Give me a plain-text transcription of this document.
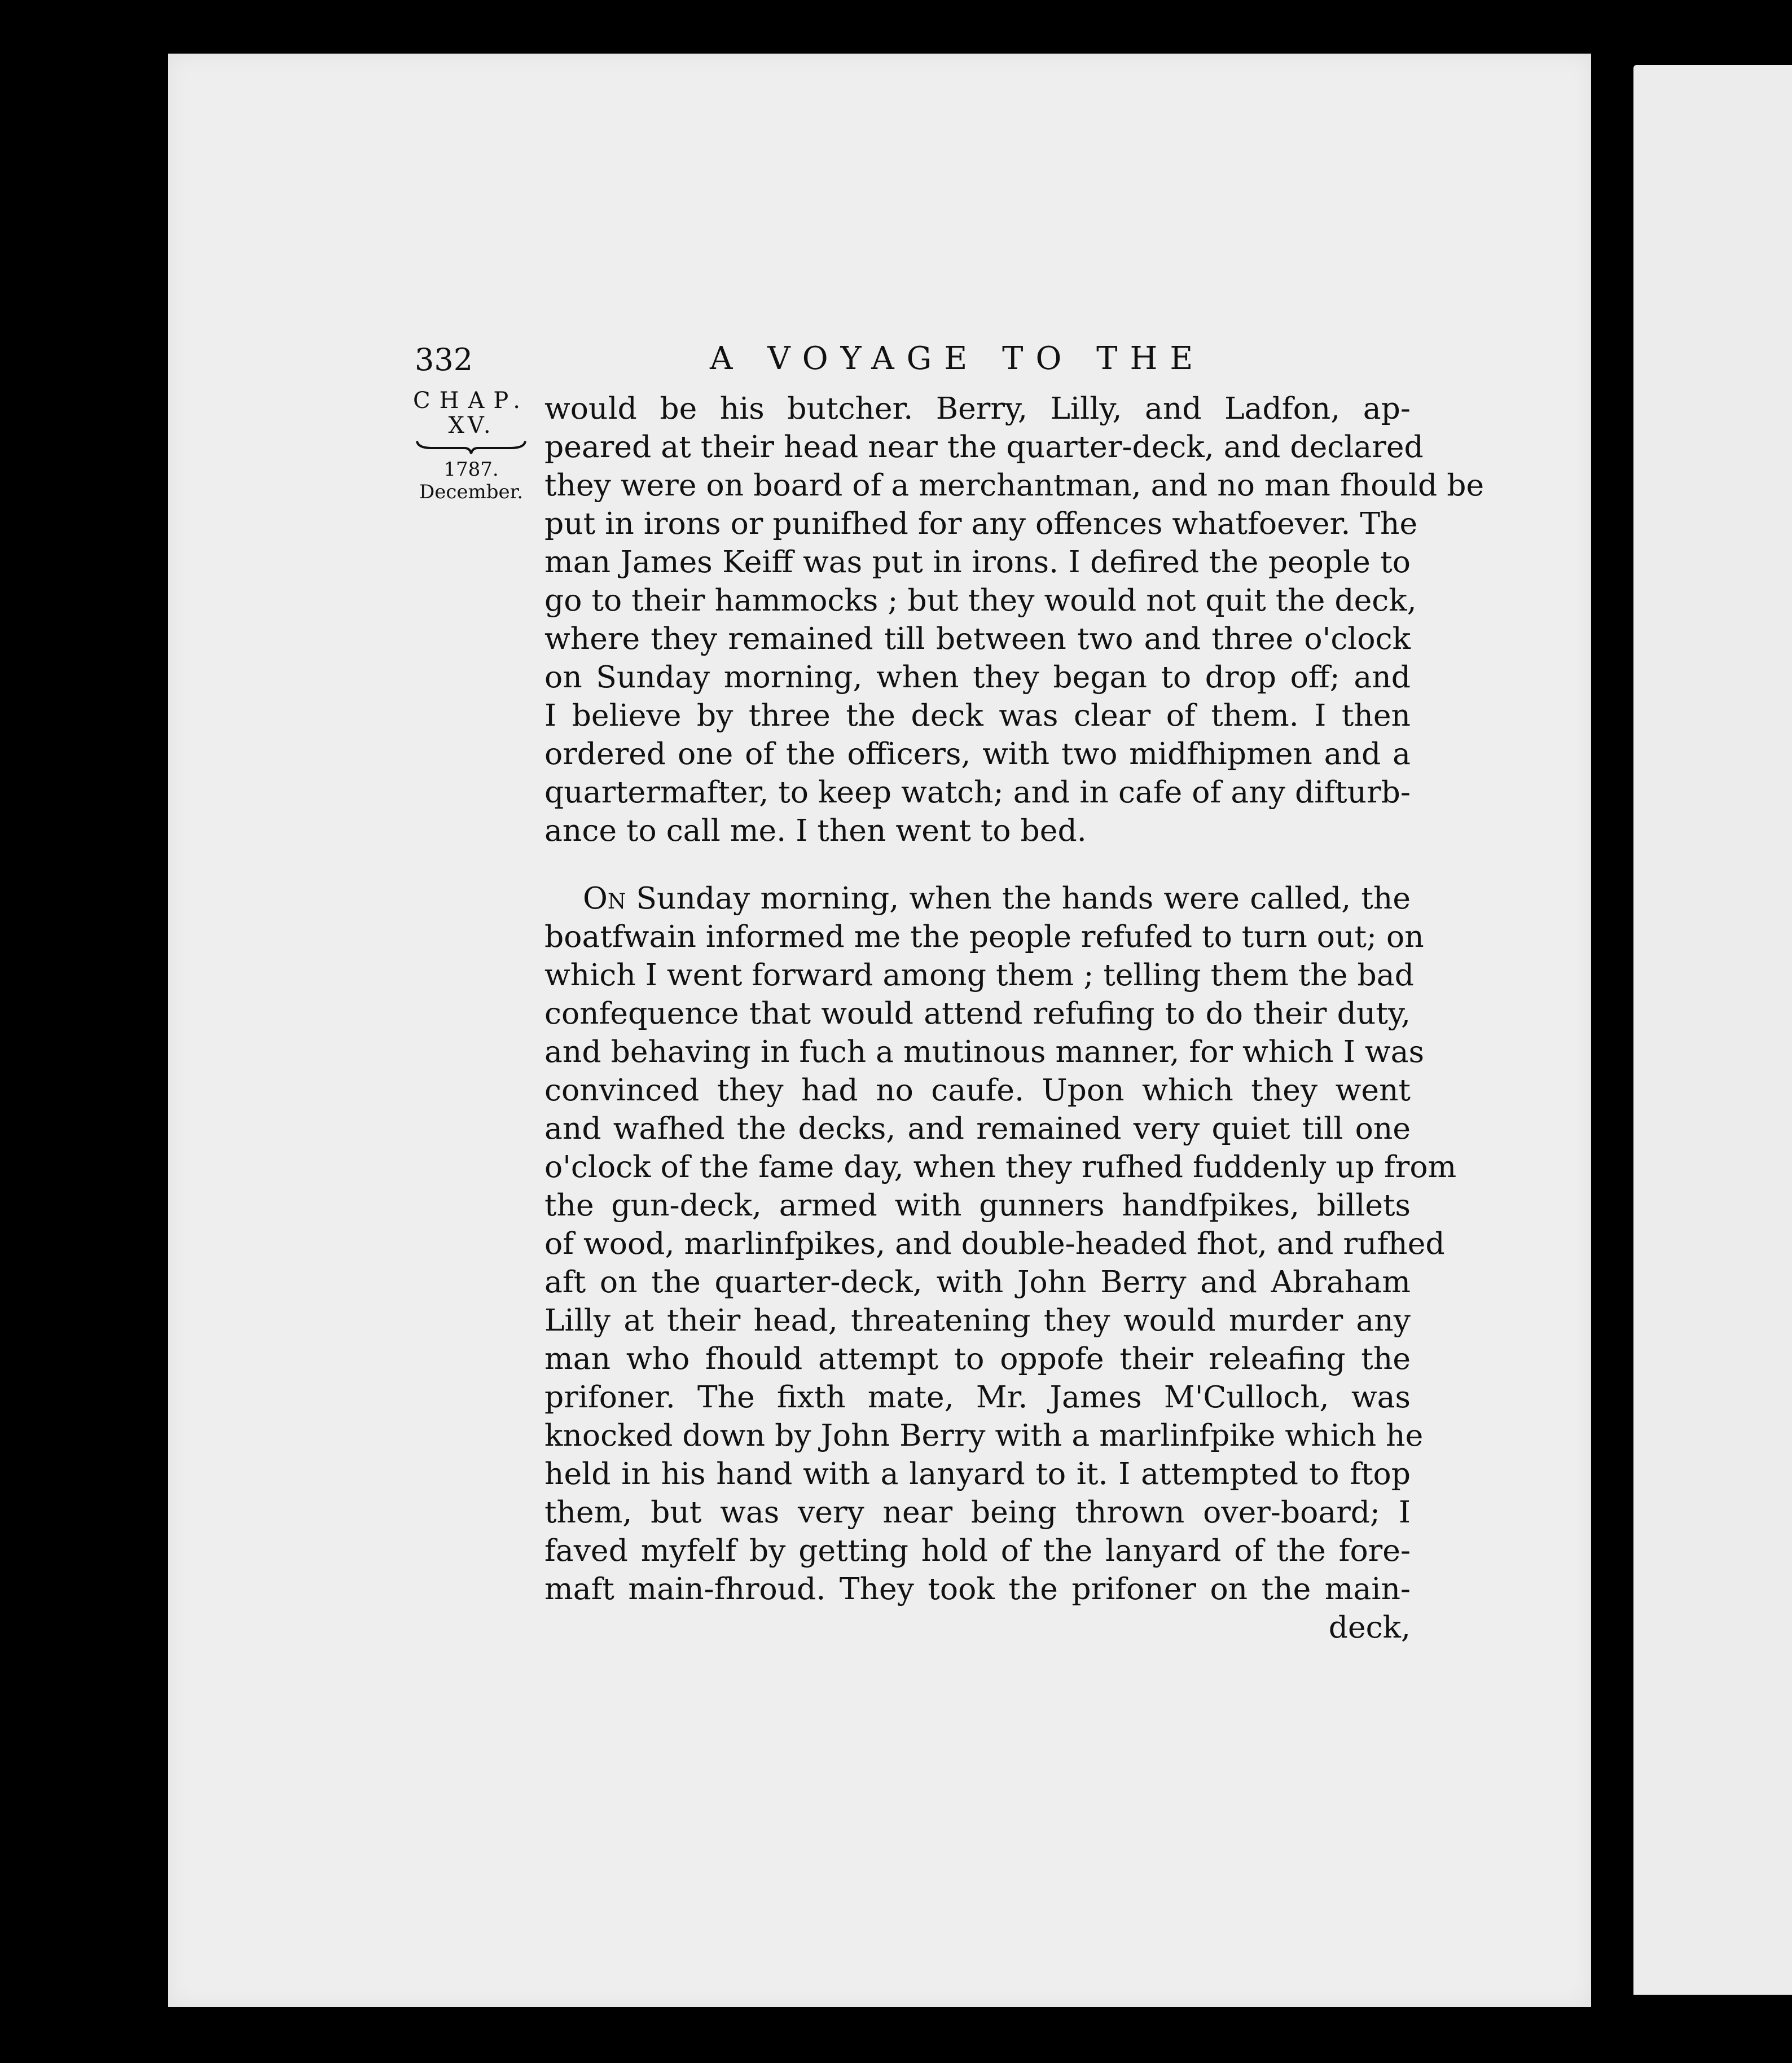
332	A VOYAGE TO THE
CHAP.
XV.
1787.
December.
would be his butcher. Berry, Lilly, and Ladfon, ap-
peared at their head near the quarter-deck, and declared
they were on board of a merchantman, and no man fhould be
put in irons or punifhed for any offences whatfoever. The
man James Keiff was put in irons. I defired the people to
go to their hammocks ; but they would not quit the deck,
where they remained till between two and three o'clock
on Sunday morning, when they began to drop off; and
I believe by three the deck was clear of them. I then
ordered one of the officers, with two midfhipmen and a
quartermafter, to keep watch; and in cafe of any difturb-
ance to call me. I then went to bed.
On Sunday morning, when the hands were called, the
boatfwain informed me the people refufed to turn out; on
which I went forward among them ; telling them the bad
confequence that would attend refufing to do their duty,
and behaving in fuch a mutinous manner, for which I was
convinced they had no caufe. Upon which they went
and wafhed the decks, and remained very quiet till one
o'clock of the fame day, when they rufhed fuddenly up from
the gun-deck, armed with gunners handfpikes, billets
of wood, marlinfpikes, and double-headed fhot, and rufhed
aft on the quarter-deck, with John Berry and Abraham
Lilly at their head, threatening they would murder any
man who fhould attempt to oppofe their releafing the
prifoner. The fixth mate, Mr. James M'Culloch, was
knocked down by John Berry with a marlinfpike which he
held in his hand with a lanyard to it. I attempted to ftop
them, but was very near being thrown over-board; I
faved myfelf by getting hold of the lanyard of the fore-
maft main-fhroud. They took the prifoner on the main-
deck,
